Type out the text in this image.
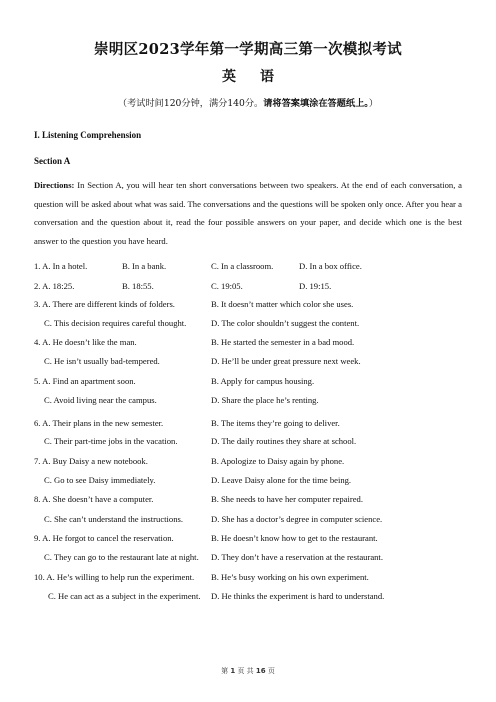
崇明区2023学年第一学期高三第一次模拟考试
英语
（考试时间120分钟，满分140分。请将答案填涂在答题纸上。）
I. Listening Comprehension
Section A
Directions: In Section A, you will hear ten short conversations between two speakers. At the end of each conversation, a question will be asked about what was said. The conversations and the questions will be spoken only once. After you hear a conversation and the question about it, read the four possible answers on your paper, and decide which one is the best answer to the question you have heard.
1. A. In a hotel.	B. In a bank.	C. In a classroom.	D. In a box office.
2. A. 18:25.	B. 18:55.	C. 19:05.	D. 19:15.
3. A. There are different kinds of folders.	B. It doesn’t matter which color she uses.
C. This decision requires careful thought.	D. The color shouldn’t suggest the content.
4. A. He doesn’t like the man.	B. He started the semester in a bad mood.
C. He isn’t usually bad-tempered.	D. He’ll be under great pressure next week.
5. A. Find an apartment soon.	B. Apply for campus housing.
C. Avoid living near the campus.	D. Share the place he’s renting.
6. A. Their plans in the new semester.	B. The items they’re going to deliver.
C. Their part-time jobs in the vacation.	D. The daily routines they share at school.
7. A. Buy Daisy a new notebook.	B. Apologize to Daisy again by phone.
C. Go to see Daisy immediately.	D. Leave Daisy alone for the time being.
8. A. She doesn’t have a computer.	B. She needs to have her computer repaired.
C. She can’t understand the instructions.	D. She has a doctor’s degree in computer science.
9. A. He forgot to cancel the reservation.	B. He doesn’t know how to get to the restaurant.
C. They can go to the restaurant late at night. D. They don’t have a reservation at the restaurant.
10. A. He’s willing to help run the experiment. B. He’s busy working on his own experiment.
C. He can act as a subject in the experiment. D. He thinks the experiment is hard to understand.
第 1 页 共 16 页
